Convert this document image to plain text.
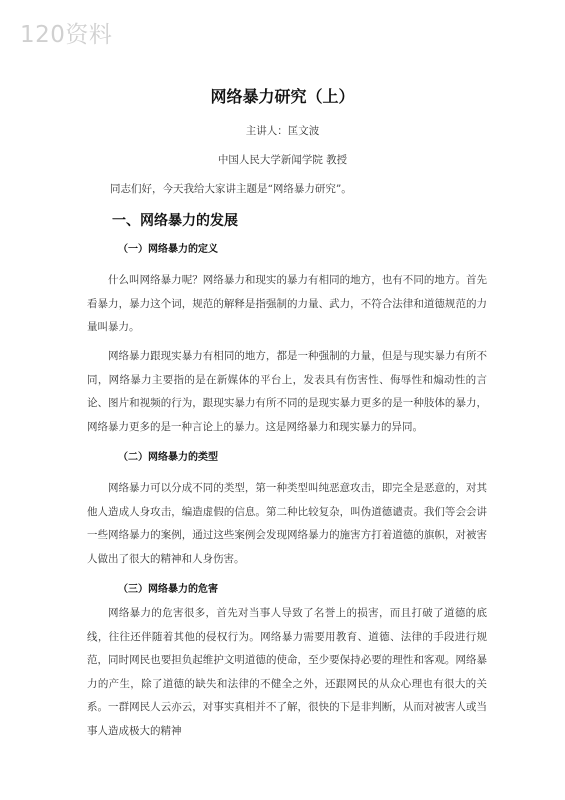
120资料
网络暴力研究（上）
主讲人：匡文波
中国人民大学新闻学院 教授
同志们好，今天我给大家讲主题是“网络暴力研究”。
一、网络暴力的发展
（一）网络暴力的定义
什么叫网络暴力呢？网络暴力和现实的暴力有相同的地方，也有不同的地方。首先看暴力，暴力这个词，规范的解释是指强制的力量、武力，不符合法律和道德规范的力量叫暴力。
网络暴力跟现实暴力有相同的地方，都是一种强制的力量，但是与现实暴力有所不同，网络暴力主要指的是在新媒体的平台上，发表具有伤害性、侮辱性和煽动性的言论、图片和视频的行为，跟现实暴力有所不同的是现实暴力更多的是一种肢体的暴力，网络暴力更多的是一种言论上的暴力。这是网络暴力和现实暴力的异同。
（二）网络暴力的类型
网络暴力可以分成不同的类型，第一种类型叫纯恶意攻击，即完全是恶意的，对其他人造成人身攻击，编造虚假的信息。第二种比较复杂，叫伪道德谴责。我们等会会讲一些网络暴力的案例，通过这些案例会发现网络暴力的施害方打着道德的旗帜，对被害人做出了很大的精神和人身伤害。
（三）网络暴力的危害
网络暴力的危害很多，首先对当事人导致了名誉上的损害，而且打破了道德的底线，往往还伴随着其他的侵权行为。网络暴力需要用教育、道德、法律的手段进行规范，同时网民也要担负起维护文明道德的使命，至少要保持必要的理性和客观。网络暴力的产生，除了道德的缺失和法律的不健全之外，还跟网民的从众心理也有很大的关系。一群网民人云亦云，对事实真相并不了解，很快的下是非判断，从而对被害人或当事人造成极大的精神
